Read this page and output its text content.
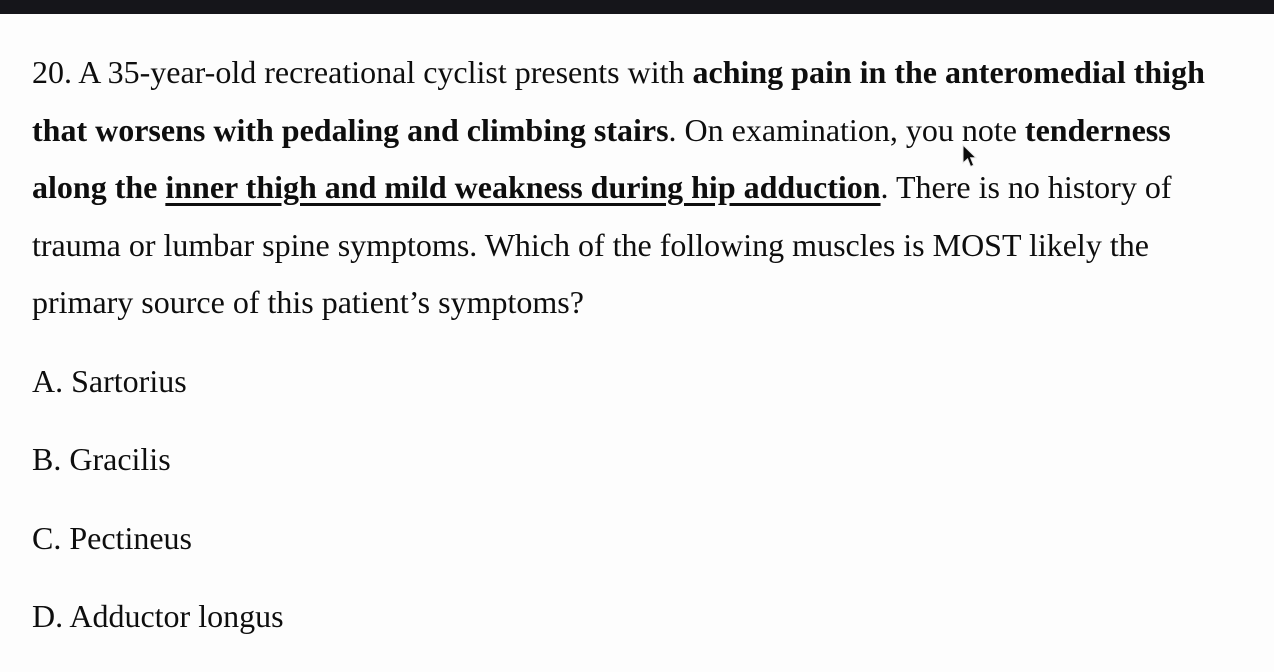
20. A 35-year-old recreational cyclist presents with aching pain in the anteromedial thigh
that worsens with pedaling and climbing stairs. On examination, you note tenderness
along the inner thigh and mild weakness during hip adduction. There is no history of
trauma or lumbar spine symptoms. Which of the following muscles is MOST likely the
primary source of this patient’s symptoms?
A. Sartorius
B. Gracilis
C. Pectineus
D. Adductor longus
